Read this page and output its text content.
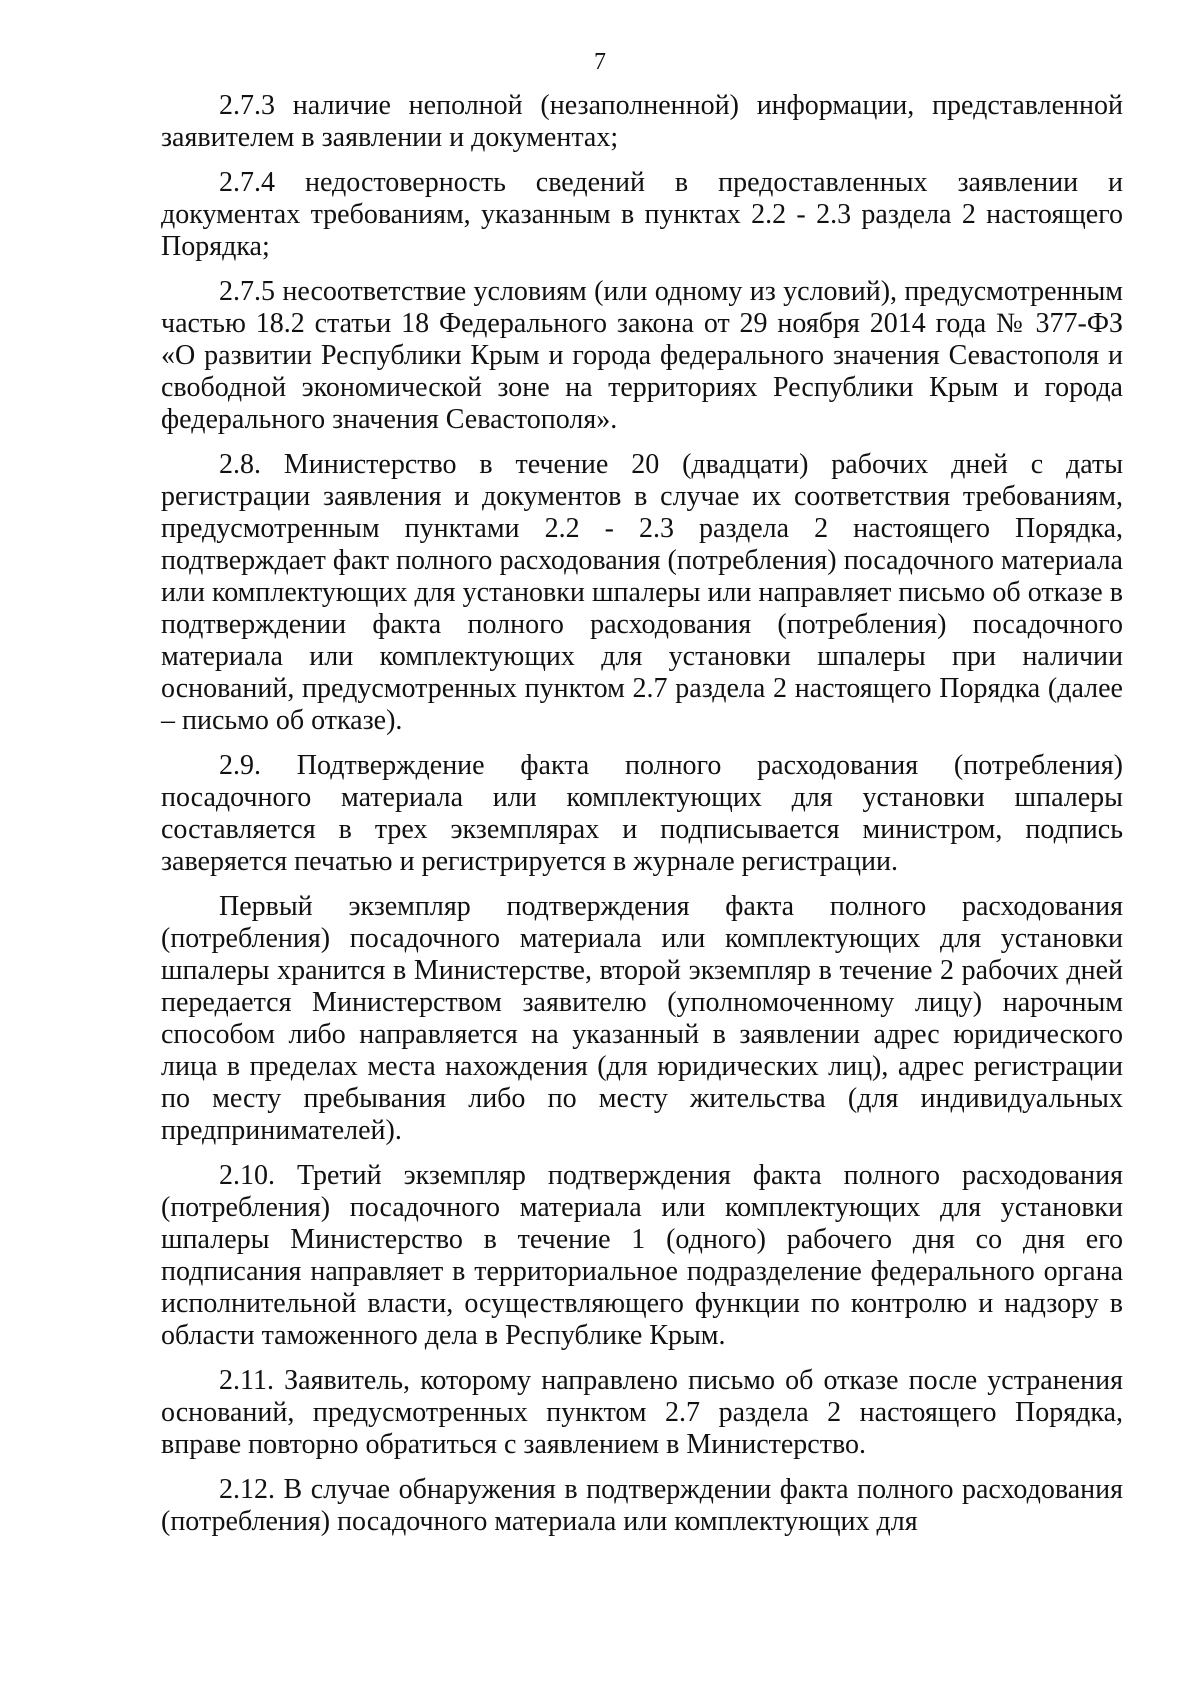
7

2.7.3 наличие неполной (незаполненной) информации, представленной заявителем в заявлении и документах;

2.7.4 недостоверность сведений в предоставленных заявлении и документах требованиям, указанным в пунктах 2.2 - 2.3 раздела 2 настоящего Порядка;

2.7.5 несоответствие условиям (или одному из условий), предусмотренным частью 18.2 статьи 18 Федерального закона от 29 ноября 2014 года № 377-ФЗ «О развитии Республики Крым и города федерального значения Севастополя и свободной экономической зоне на территориях Республики Крым и города федерального значения Севастополя».

2.8. Министерство в течение 20 (двадцати) рабочих дней с даты регистрации заявления и документов в случае их соответствия требованиям, предусмотренным пунктами 2.2 - 2.3 раздела 2 настоящего Порядка, подтверждает факт полного расходования (потребления) посадочного материала или комплектующих для установки шпалеры или направляет письмо об отказе в подтверждении факта полного расходования (потребления) посадочного материала или комплектующих для установки шпалеры при наличии оснований, предусмотренных пунктом 2.7 раздела 2 настоящего Порядка (далее – письмо об отказе).

2.9. Подтверждение факта полного расходования (потребления) посадочного материала или комплектующих для установки шпалеры составляется в трех экземплярах и подписывается министром, подпись заверяется печатью и регистрируется в журнале регистрации.

Первый экземпляр подтверждения факта полного расходования (потребления) посадочного материала или комплектующих для установки шпалеры хранится в Министерстве, второй экземпляр в течение 2 рабочих дней передается Министерством заявителю (уполномоченному лицу) нарочным способом либо направляется на указанный в заявлении адрес юридического лица в пределах места нахождения (для юридических лиц), адрес регистрации по месту пребывания либо по месту жительства (для индивидуальных предпринимателей).

2.10. Третий экземпляр подтверждения факта полного расходования (потребления) посадочного материала или комплектующих для установки шпалеры Министерство в течение 1 (одного) рабочего дня со дня его подписания направляет в территориальное подразделение федерального органа исполнительной власти, осуществляющего функции по контролю и надзору в области таможенного дела в Республике Крым.

2.11. Заявитель, которому направлено письмо об отказе после устранения оснований, предусмотренных пунктом 2.7 раздела 2 настоящего Порядка, вправе повторно обратиться с заявлением в Министерство.

2.12. В случае обнаружения в подтверждении факта полного расходования (потребления) посадочного материала или комплектующих для
